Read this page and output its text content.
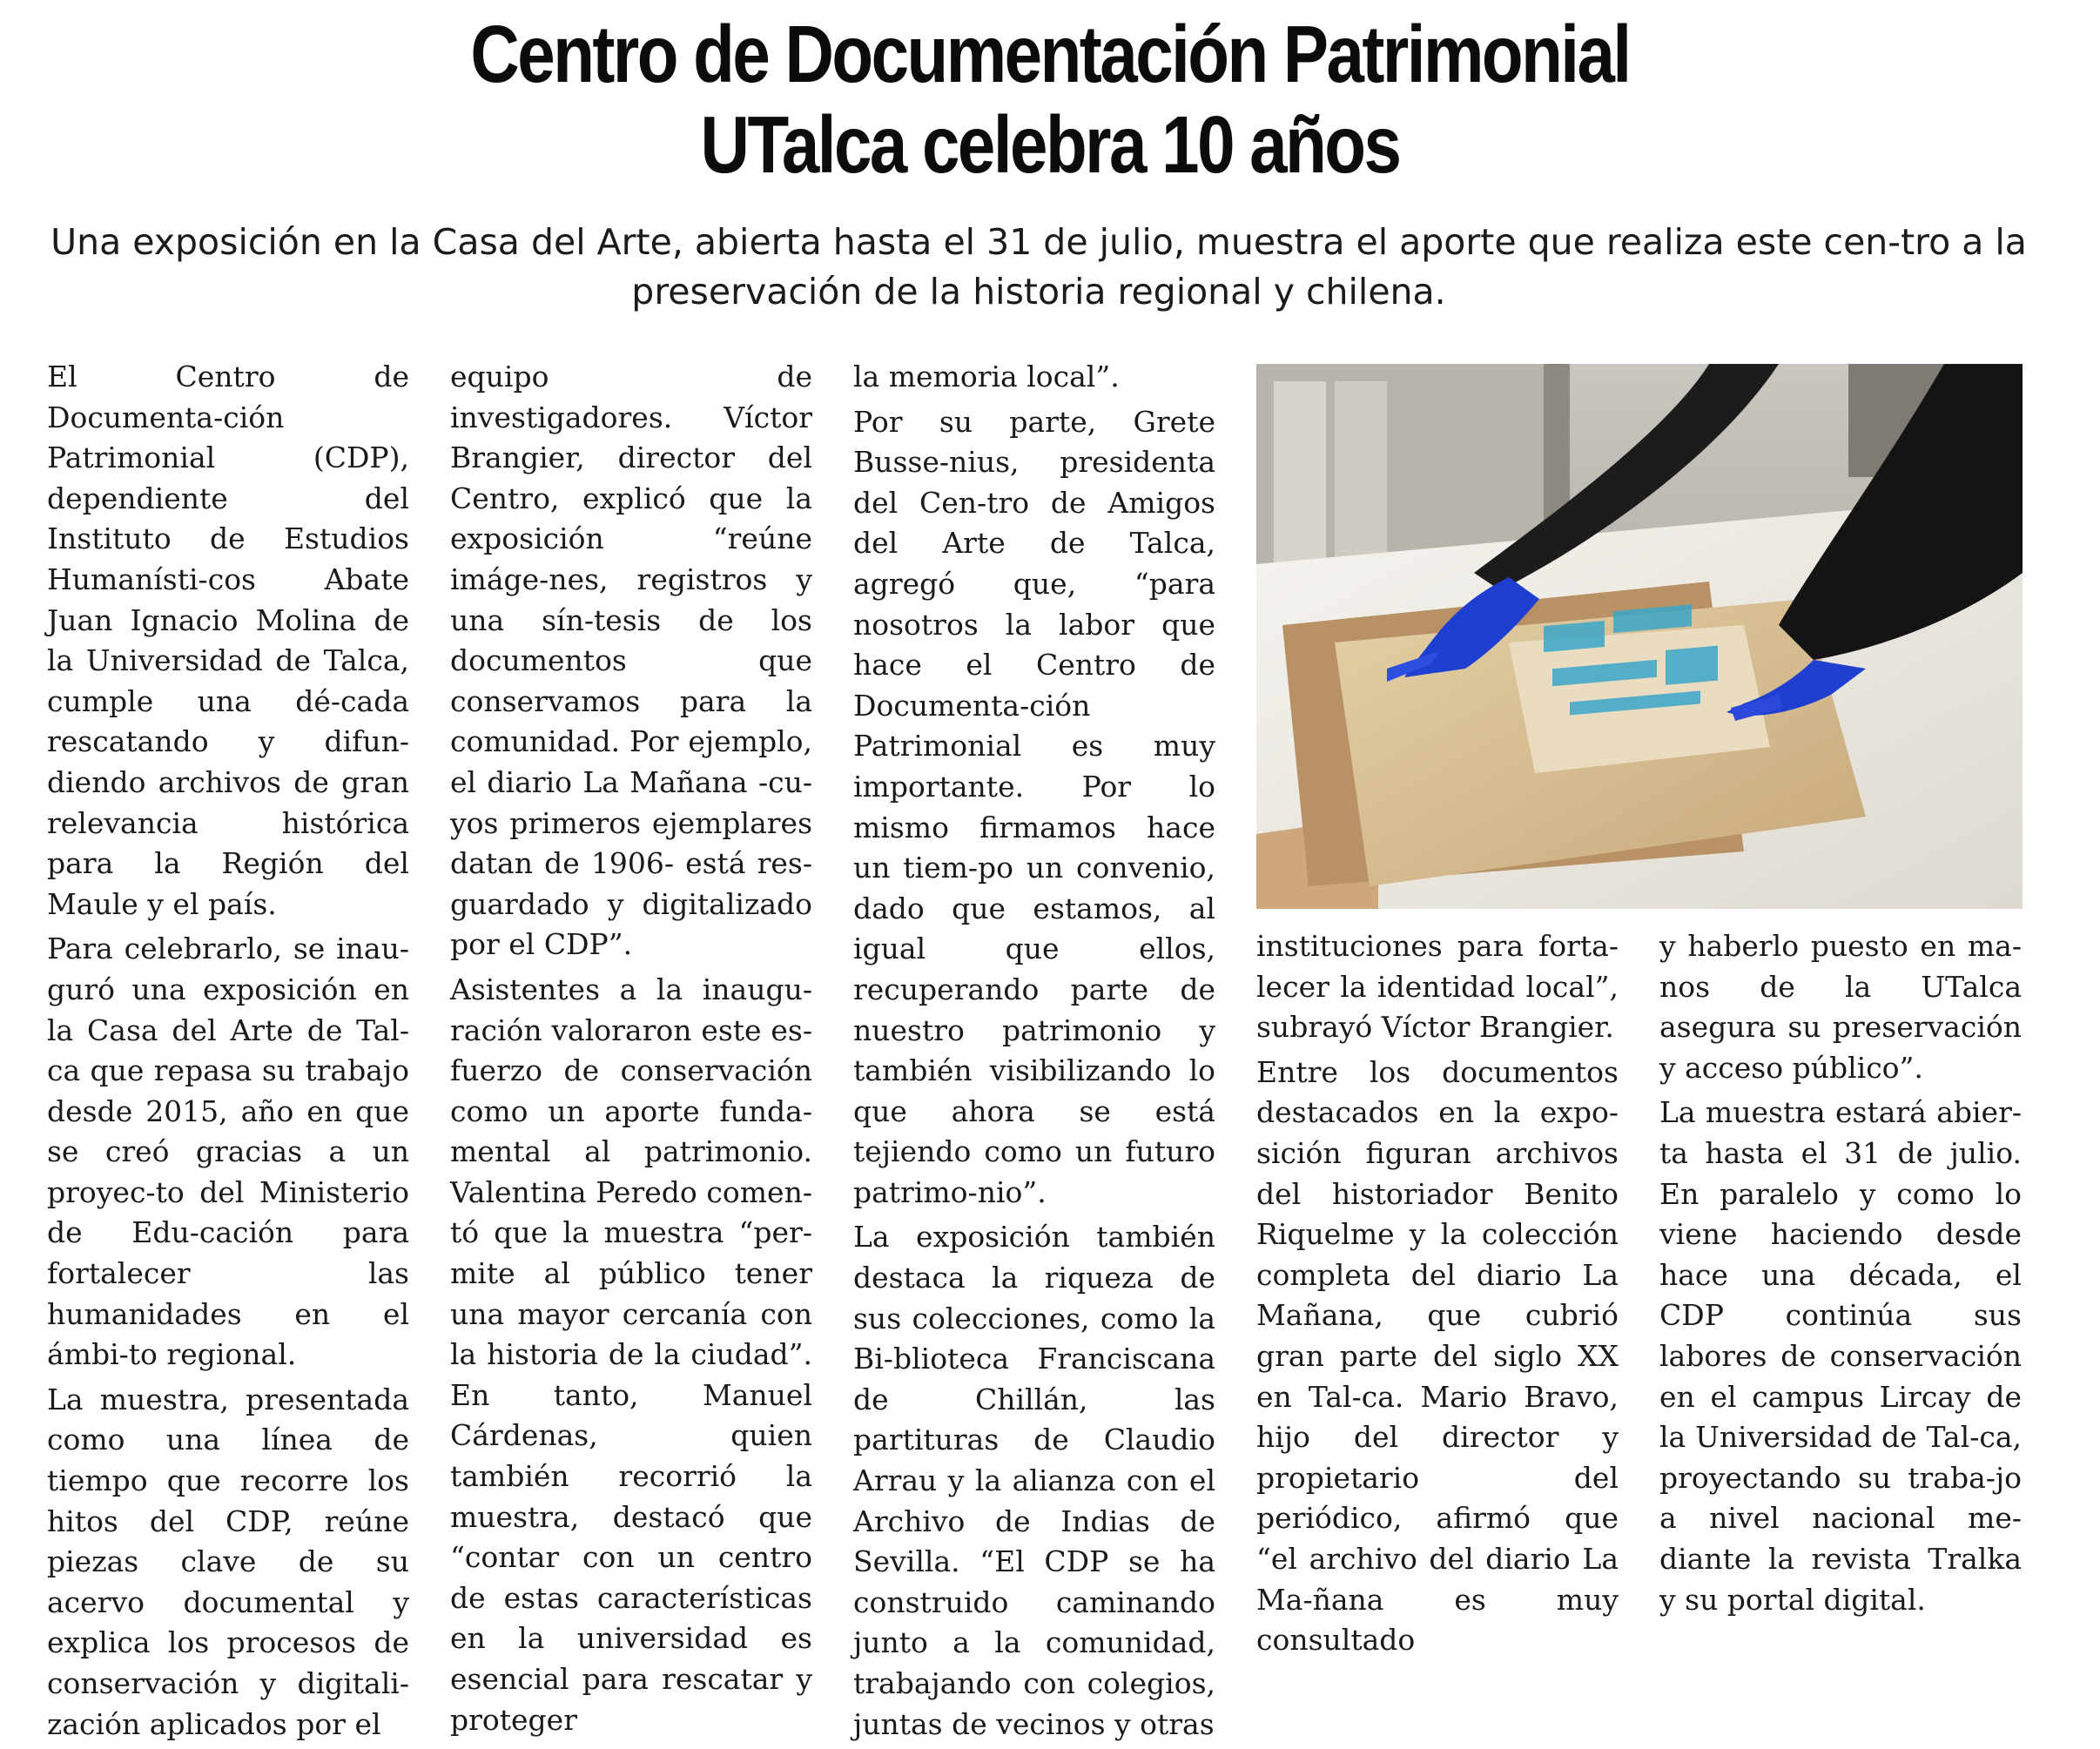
Centro de Documentación Patrimonial
UTalca celebra 10 años

Una exposición en la Casa del Arte, abierta hasta el 31 de julio, muestra el aporte que realiza este cen-tro a la preservación de la historia regional y chilena.

El Centro de Documenta-ción Patrimonial (CDP), dependiente del Instituto de Estudios Humanísti-cos Abate Juan Ignacio Molina de la Universidad de Talca, cumple una dé-cada rescatando y difun-diendo archivos de gran relevancia histórica para la Región del Maule y el país.

Para celebrarlo, se inau-guró una exposición en la Casa del Arte de Tal-ca que repasa su trabajo desde 2015, año en que se creó gracias a un proyec-to del Ministerio de Edu-cación para fortalecer las humanidades en el ámbi-to regional.

La muestra, presentada como una línea de tiempo que recorre los hitos del CDP, reúne piezas clave de su acervo documental y explica los procesos de conservación y digitali-zación aplicados por el

equipo de investigadores. Víctor Brangier, director del Centro, explicó que la exposición “reúne imáge-nes, registros y una sín-tesis de los documentos que conservamos para la comunidad. Por ejemplo, el diario La Mañana -cu-yos primeros ejemplares datan de 1906- está res-guardado y digitalizado por el CDP”.

Asistentes a la inaugu-ración valoraron este es-fuerzo de conservación como un aporte funda-mental al patrimonio. Valentina Peredo comen-tó que la muestra “per-mite al público tener una mayor cercanía con la historia de la ciudad”. En tanto, Manuel Cárdenas, quien también recorrió la muestra, destacó que “contar con un centro de estas características en la universidad es esencial para rescatar y proteger

la memoria local”.

Por su parte, Grete Busse-nius, presidenta del Cen-tro de Amigos del Arte de Talca, agregó que, “para nosotros la labor que hace el Centro de Documenta-ción Patrimonial es muy importante. Por lo mismo firmamos hace un tiem-po un convenio, dado que estamos, al igual que ellos, recuperando parte de nuestro patrimonio y también visibilizando lo que ahora se está tejiendo como un futuro patrimo-nio”.

La exposición también destaca la riqueza de sus colecciones, como la Bi-blioteca Franciscana de Chillán, las partituras de Claudio Arrau y la alianza con el Archivo de Indias de Sevilla. “El CDP se ha construido caminando junto a la comunidad, trabajando con colegios, juntas de vecinos y otras

instituciones para forta-lecer la identidad local”, subrayó Víctor Brangier.

Entre los documentos destacados en la expo-sición figuran archivos del historiador Benito Riquelme y la colección completa del diario La Mañana, que cubrió gran parte del siglo XX en Tal-ca. Mario Bravo, hijo del director y propietario del periódico, afirmó que “el archivo del diario La Ma-ñana es muy consultado

y haberlo puesto en ma-nos de la UTalca asegura su preservación y acceso público”.

La muestra estará abier-ta hasta el 31 de julio. En paralelo y como lo viene haciendo desde hace una década, el CDP continúa sus labores de conservación en el campus Lircay de la Universidad de Tal-ca, proyectando su traba-jo a nivel nacional me-diante la revista Tralka y su portal digital.
